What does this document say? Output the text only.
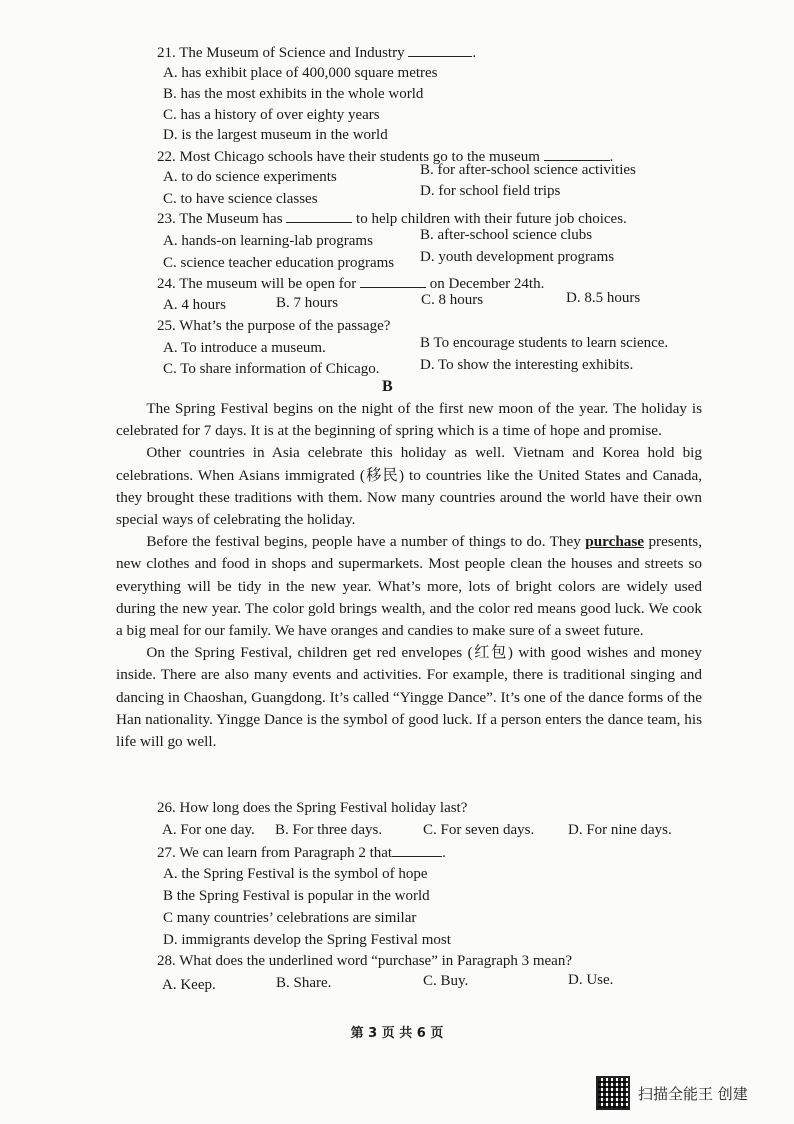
21. The Museum of Science and Industry	.
A. has exhibit place of 400,000 square metres
B. has the most exhibits in the whole world
C. has a history of over eighty years
D. is the largest museum in the world
22. Most Chicago schools have their students go to the museum	.
A. to do science experiments	B. for after-school science activities
C. to have science classes	D. for school field trips
23. The Museum has	to help children with their future job choices.
A. hands-on learning-lab programs	B. after-school science clubs
C. science teacher education programs D. youth development programs
24. The museum will be open for	on December 24th.
A. 4 hours	B. 7 hours	C. 8 hours	D. 8.5 hours
25. What’s the purpose of the passage?
A. To introduce a museum.	B To encourage students to learn science.
C. To share information of Chicago.	D. To show the interesting exhibits.
B

The Spring Festival begins on the night of the first new moon of the year. The holiday is celebrated for 7 days. It is at the beginning of spring which is a time of hope and promise.

Other countries in Asia celebrate this holiday as well. Vietnam and Korea hold big celebrations. When Asians immigrated (移民) to countries like the United States and Canada, they brought these traditions with them. Now many countries around the world have their own special ways of celebrating the holiday.

Before the festival begins, people have a number of things to do. They purchase presents, new clothes and food in shops and supermarkets. Most people clean the houses and streets so everything will be tidy in the new year. What’s more, lots of bright colors are widely used during the new year. The color gold brings wealth, and the color red means good luck. We cook a big meal for our family. We have oranges and candies to make sure of a sweet future.

On the Spring Festival, children get red envelopes (红包) with good wishes and money inside. There are also many events and activities. For example, there is traditional singing and dancing in Chaoshan, Guangdong. It’s called “Yingge Dance”. It’s one of the dance forms of the Han nationality. Yingge Dance is the symbol of good luck. If a person enters the dance team, his life will go well.

26. How long does the Spring Festival holiday last?
A. For one day. B. For three days.	C. For seven days. D. For nine days.
27. We can learn from Paragraph 2 that	.
A. the Spring Festival is the symbol of hope
B the Spring Festival is popular in the world
C many countries’ celebrations are similar
D. immigrants develop the Spring Festival most
28. What does the underlined word “purchase” in Paragraph 3 mean?
A. Keep.	B. Share.	C. Buy.	D. Use.
第 3 页 共 6 页
扫描全能王 创建
